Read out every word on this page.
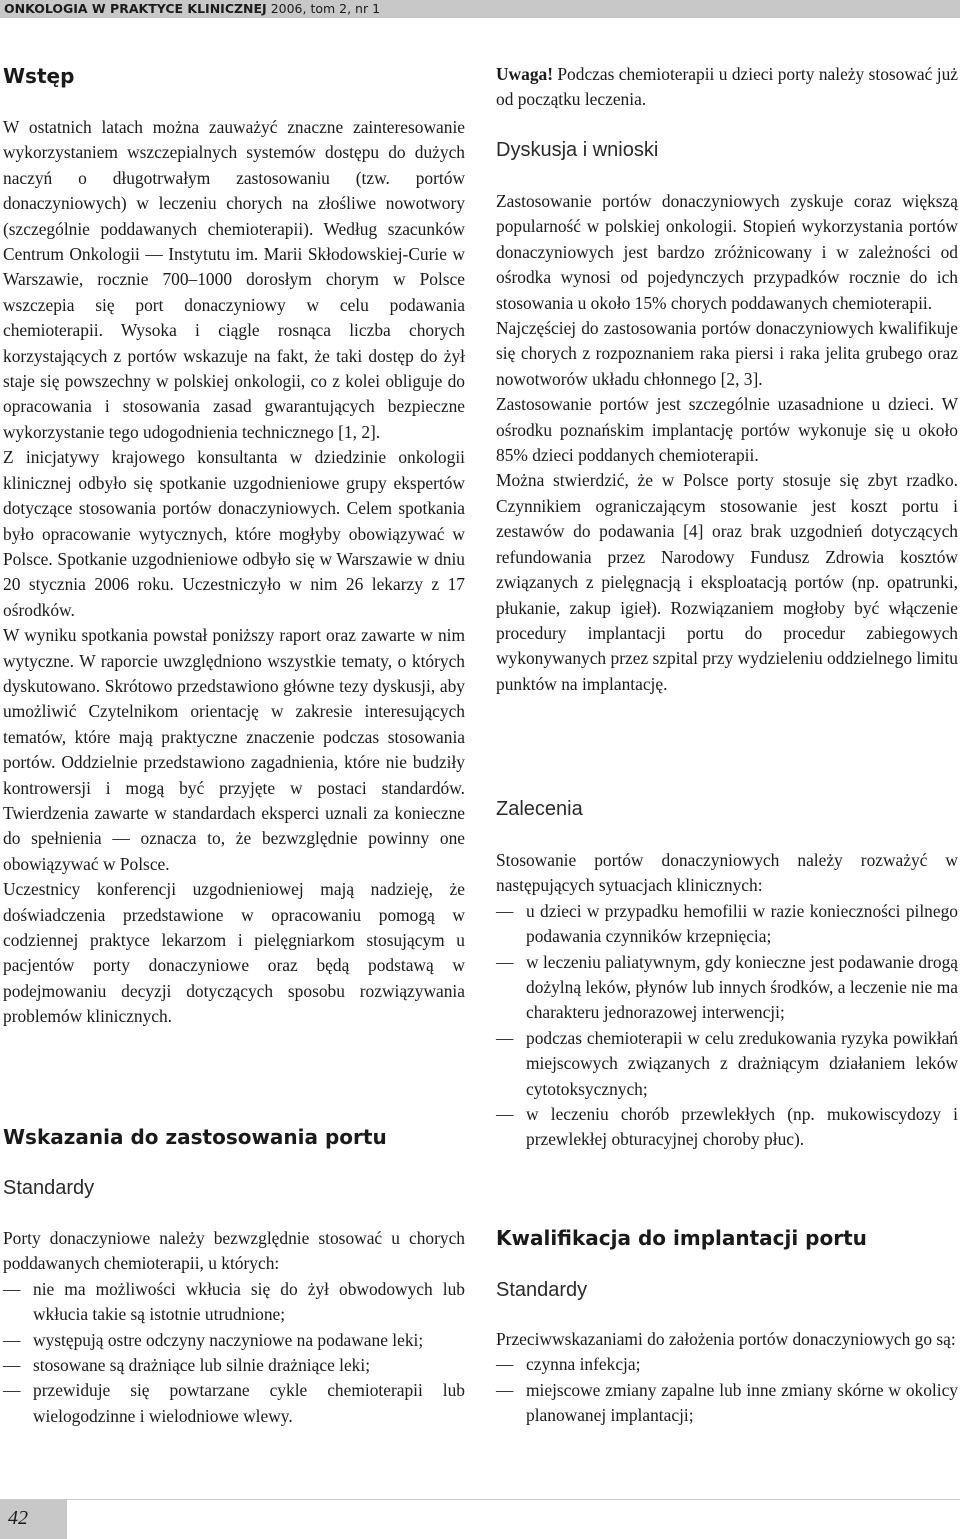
ONKOLOGIA W PRAKTYCE KLINICZNEJ 2006, tom 2, nr 1
Wstęp

W ostatnich latach można zauważyć znaczne zainteresowanie wykorzystaniem wszczepialnych systemów dostępu do dużych naczyń o długotrwałym zastosowaniu (tzw. portów donaczyniowych) w leczeniu chorych na złośliwe nowotwory (szczególnie poddawanych chemioterapii). Według szacunków Centrum Onkologii — Instytutu im. Marii Skłodowskiej-Curie w Warszawie, rocznie 700–1000 dorosłym chorym w Polsce wszczepia się port donaczyniowy w celu podawania chemioterapii. Wysoka i ciągle rosnąca liczba chorych korzystających z portów wskazuje na fakt, że taki dostęp do żył staje się powszechny w polskiej onkologii, co z kolei obliguje do opracowania i stosowania zasad gwarantujących bezpieczne wykorzystanie tego udogodnienia technicznego [1, 2].

Z inicjatywy krajowego konsultanta w dziedzinie onkologii klinicznej odbyło się spotkanie uzgodnieniowe grupy ekspertów dotyczące stosowania portów donaczyniowych. Celem spotkania było opracowanie wytycznych, które mogłyby obowiązywać w Polsce. Spotkanie uzgodnieniowe odbyło się w Warszawie w dniu 20 stycznia 2006 roku. Uczestniczyło w nim 26 lekarzy z 17 ośrodków.

W wyniku spotkania powstał poniższy raport oraz zawarte w nim wytyczne. W raporcie uwzględniono wszystkie tematy, o których dyskutowano. Skrótowo przedstawiono główne tezy dyskusji, aby umożliwić Czytelnikom orientację w zakresie interesujących tematów, które mają praktyczne znaczenie podczas stosowania portów. Oddzielnie przedstawiono zagadnienia, które nie budziły kontrowersji i mogą być przyjęte w postaci standardów. Twierdzenia zawarte w standardach eksperci uznali za konieczne do spełnienia — oznacza to, że bezwzględnie powinny one obowiązywać w Polsce.

Uczestnicy konferencji uzgodnieniowej mają nadzieję, że doświadczenia przedstawione w opracowaniu pomogą w codziennej praktyce lekarzom i pielęgniarkom stosującym u pacjentów porty donaczyniowe oraz będą podstawą w podejmowaniu decyzji dotyczących sposobu rozwiązywania problemów klinicznych.

Wskazania do zastosowania portu
Standardy

Porty donaczyniowe należy bezwzględnie stosować u chorych poddawanych chemioterapii, u których:

— nie ma możliwości wkłucia się do żył obwodowych lub wkłucia takie są istotnie utrudnione;
— występują ostre odczyny naczyniowe na podawane leki;
— stosowane są drażniące lub silnie drażniące leki;
— przewiduje się powtarzane cykle chemioterapii lub wielogodzinne i wielodniowe wlewy.

Uwaga! Podczas chemioterapii u dzieci porty należy stosować już od początku leczenia.

Dyskusja i wnioski

Zastosowanie portów donaczyniowych zyskuje coraz większą popularność w polskiej onkologii. Stopień wykorzystania portów donaczyniowych jest bardzo zróżnicowany i w zależności od ośrodka wynosi od pojedynczych przypadków rocznie do ich stosowania u około 15% chorych poddawanych chemioterapii.

Najczęściej do zastosowania portów donaczyniowych kwalifikuje się chorych z rozpoznaniem raka piersi i raka jelita grubego oraz nowotworów układu chłonnego [2, 3].

Zastosowanie portów jest szczególnie uzasadnione u dzieci. W ośrodku poznańskim implantację portów wykonuje się u około 85% dzieci poddanych chemioterapii.

Można stwierdzić, że w Polsce porty stosuje się zbyt rzadko. Czynnikiem ograniczającym stosowanie jest koszt portu i zestawów do podawania [4] oraz brak uzgodnień dotyczących refundowania przez Narodowy Fundusz Zdrowia kosztów związanych z pielęgnacją i eksploatacją portów (np. opatrunki, płukanie, zakup igieł). Rozwiązaniem mogłoby być włączenie procedury implantacji portu do procedur zabiegowych wykonywanych przez szpital przy wydzieleniu oddzielnego limitu punktów na implantację.

Zalecenia

Stosowanie portów donaczyniowych należy rozważyć w następujących sytuacjach klinicznych:

— u dzieci w przypadku hemofilii w razie konieczności pilnego podawania czynników krzepnięcia;
— w leczeniu paliatywnym, gdy konieczne jest podawanie drogą dożylną leków, płynów lub innych środków, a leczenie nie ma charakteru jednorazowej interwencji;
— podczas chemioterapii w celu zredukowania ryzyka powikłań miejscowych związanych z drażniącym działaniem leków cytotoksycznych;
— w leczeniu chorób przewlekłych (np. mukowiscydozy i przewlekłej obturacyjnej choroby płuc).
Kwalifikacja do implantacji portu
Standardy

Przeciwwskazaniami do założenia portów donaczyniowych go są:

— czynna infekcja;
— miejscowe zmiany zapalne lub inne zmiany skórne w okolicy planowanej implantacji;
42
